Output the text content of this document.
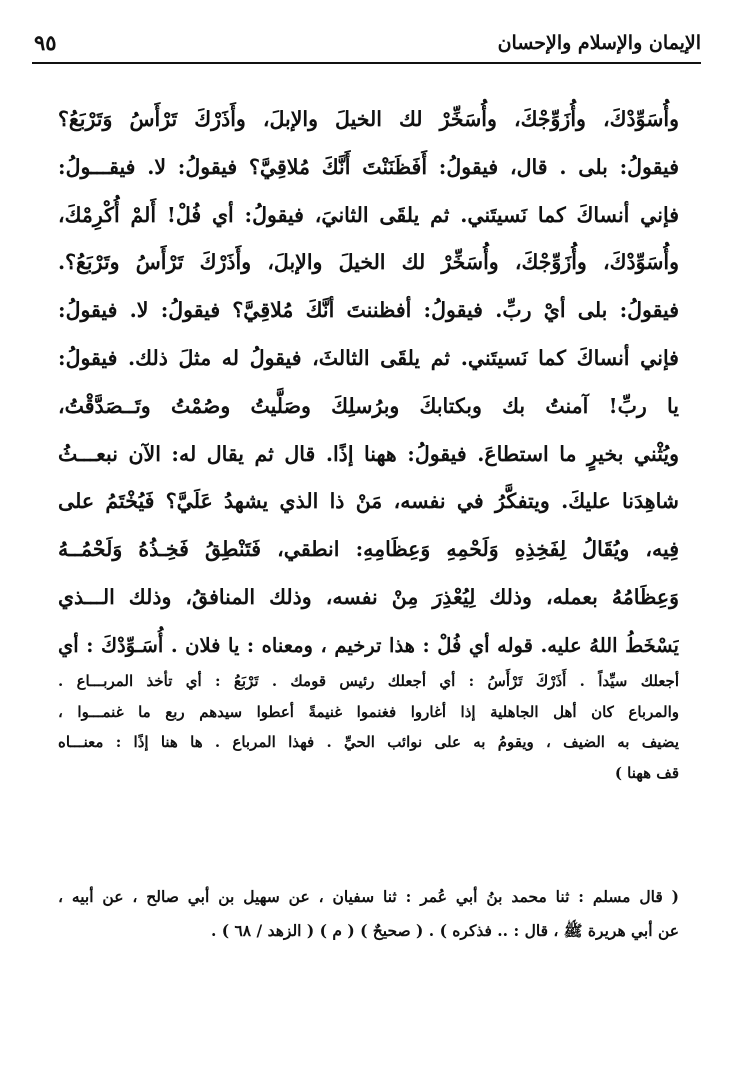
الإيمان والإسلام والإحسان
٩٥
وأُسَوِّدْكَ، وأُزَوِّجْكَ، وأُسَخِّرْ لك الخيلَ والإبلَ، وأَذَرْكَ تَرْأَسُ وَتَرْبَعُ؟
فيقولُ: بلى . قال، فيقولُ: أَفَظَنَنْتَ أَنَّكَ مُلاقِيَّ؟ فيقولُ: لا. فيقـــولُ:
فإني أنساكَ كما نَسيتَني. ثم يلقَى الثانيَ، فيقولُ: أي فُلْ! أَلمْ أُكْرِمْكَ،
وأُسَوِّدْكَ، وأُزَوِّجْكَ، وأُسَخِّرْ لك الخيلَ والإبلَ، وأَذَرْكَ تَرْأَسُ وتَرْبَعُ؟.
فيقولُ: بلى أيْ ربِّ. فيقولُ: أفظننتَ أنَّكَ مُلاقِيَّ؟ فيقولُ: لا. فيقولُ:
فإني أنساكَ كما نَسيتَني. ثم يلقَى الثالثَ، فيقولُ له مثلَ ذلك. فيقولُ:
يا ربِّ! آمنتُ بك وبكتابكَ وبرُسلِكَ وصَلَّيتُ وصُمْتُ وتَــصَدَّقْتُ،
ويُثْني بخيرٍ ما استطاعَ. فيقولُ: ههنا إذًا. قال ثم يقال له: الآن نبعـــثُ
شاهِدَنا عليكَ. ويتفكَّرُ في نفسه، مَنْ ذا الذي يشهدُ عَلَيَّ؟ فَيُخْتَمُ على
فِيه، ويُقَالُ لِفَخِذِهِ وَلَحْمِهِ وَعِظَامِهِ: انطقي، فَتَنْطِقُ فَخِـذُهُ وَلَحْمُــهُ
وَعِظَامُهُ بعمله، وذلك لِيُعْذِرَ مِنْ نفسه، وذلك المنافقُ، وذلك الـــذي
يَسْخَطُ اللهُ عليه. قوله أي فُلْ : هذا ترخيم ، ومعناه : يا فلان . أُسَـوِّدْكَ : أي
أجعلك سيِّداً . أَذَرْكَ تَرْأَسُ : أي أجعلك رئيس قومك . تَرْبَعُ : أي تأخذ المربـــاع .
والمرباع كان أهل الجاهلية إذا أغاروا فغنموا غنيمةً أعطوا سيدهم ربع ما غنمـــوا ،
يضيف به الضيف ، ويقومُ به على نوائب الحيِّ . فهذا المرباع . ها هنا إذًا : معنـــاه
قف ههنا )
( قال مسلم : ثنا محمد بنُ أبي عُمر : ثنا سفيان ، عن سهيل بن أبي صالح ، عن أبيه ،
عن أبي هريرة ﷺ ، قال : .. فذكره ) . ( صحيحٌ ) ( م ) ( الزهد / ٦٨ ) .
